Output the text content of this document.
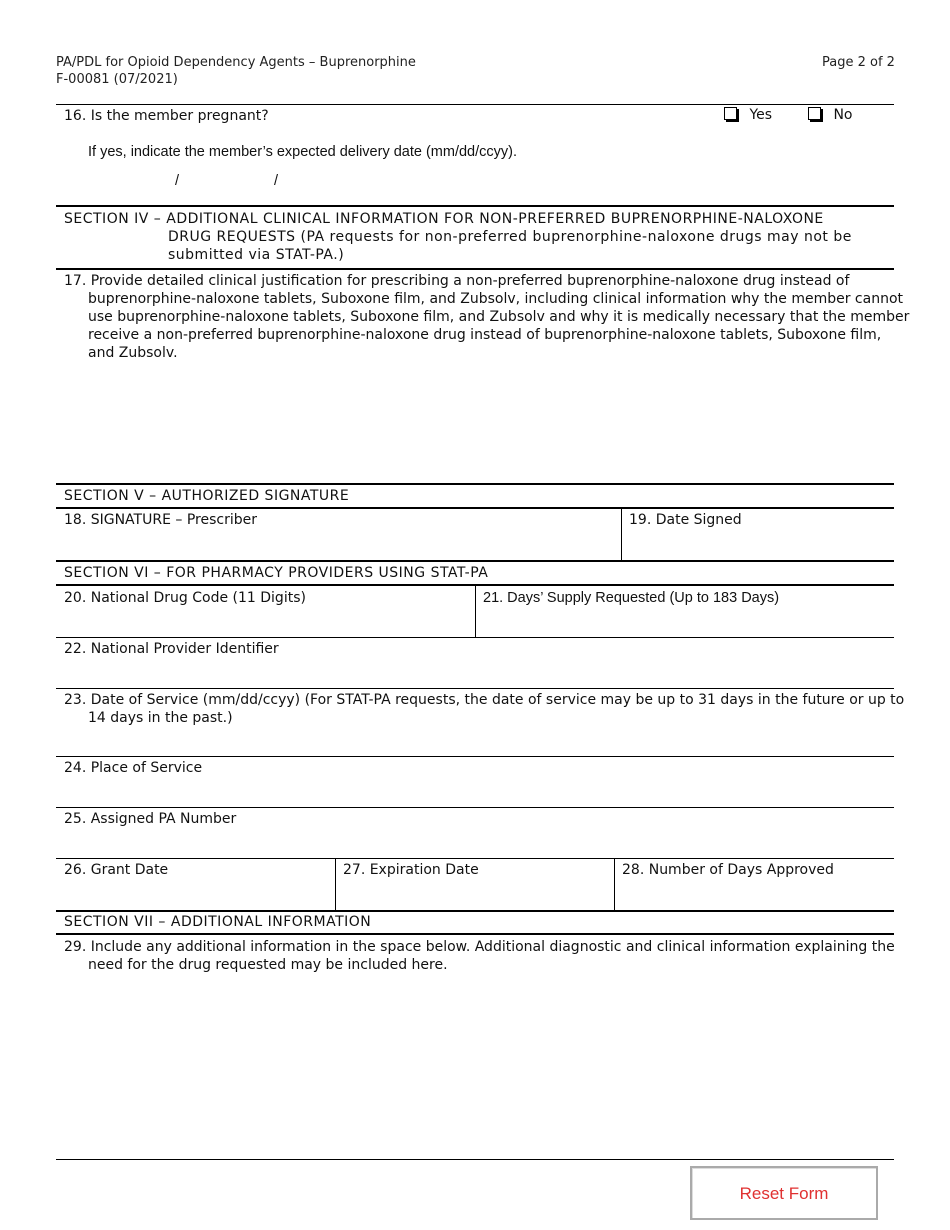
PA/PDL for Opioid Dependency Agents – Buprenorphine
F-00081 (07/2021)
Page 2 of 2
16. Is the member pregnant?	Yes	No
If yes, indicate the member’s expected delivery date (mm/dd/ccyy).
/	/
SECTION IV – ADDITIONAL CLINICAL INFORMATION FOR NON-PREFERRED BUPRENORPHINE-NALOXONE
DRUG REQUESTS (PA requests for non-preferred buprenorphine-naloxone drugs may not be
submitted via STAT-PA.)
17. Provide detailed clinical justification for prescribing a non-preferred buprenorphine-naloxone drug instead of buprenorphine-naloxone tablets, Suboxone film, and Zubsolv, including clinical information why the member cannot use buprenorphine-naloxone tablets, Suboxone film, and Zubsolv and why it is medically necessary that the member receive a non-preferred buprenorphine-naloxone drug instead of buprenorphine-naloxone tablets, Suboxone film, and Zubsolv.
SECTION V – AUTHORIZED SIGNATURE
18. SIGNATURE – Prescriber	19. Date Signed
SECTION VI – FOR PHARMACY PROVIDERS USING STAT-PA
20. National Drug Code (11 Digits)	21. Days’ Supply Requested (Up to 183 Days)
22. National Provider Identifier
23. Date of Service (mm/dd/ccyy) (For STAT-PA requests, the date of service may be up to 31 days in the future or up to 14 days in the past.)
24. Place of Service
25. Assigned PA Number
26. Grant Date	27. Expiration Date	28. Number of Days Approved
SECTION VII – ADDITIONAL INFORMATION
29. Include any additional information in the space below. Additional diagnostic and clinical information explaining the need for the drug requested may be included here.
Reset Form
